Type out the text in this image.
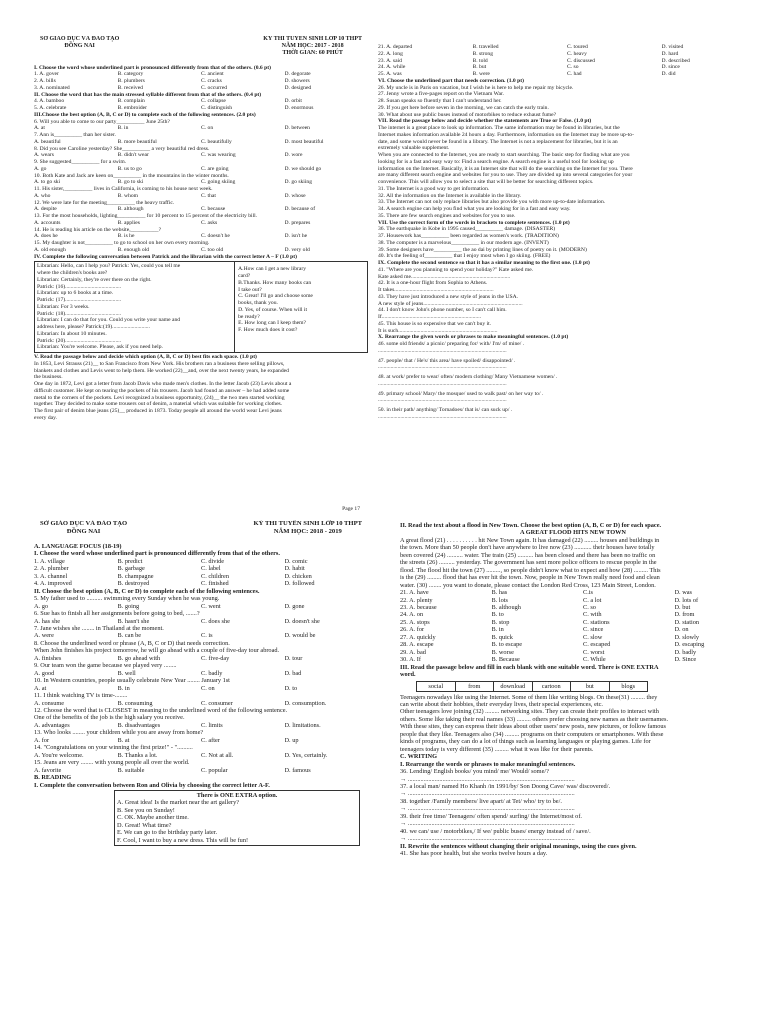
SỞ GIÁO DỤC VÀ ĐÀO TẠO
ĐỒNG NAI
KỲ THI TUYỂN SINH LỚP 10 THPT
NĂM HỌC: 2017 - 2018
THỜI GIAN: 60 PHÚT
I. Choose the word whose underlined part is pronounced differently from that of the others. (0.6 pt)
1. A. gover	B. category	C. ancient	D. degorate
2. A. bills	B. plumbers	C. cracks	D. showers
3. A. nominated	B. received	C. occurred	D. designed
II. Choose the word that has the main stressed syllable different from that of the others. (0.4 pt)
4. A. bamboo	B. complain	C. collapse	D. orbit
5. A. celebrate	B. embroider	C. distinguish	D. enormous
III.Choose the best option (A, B, C or D) to complete each of the following sentences. (2.0 pts)
6. Will you able to come to our party__________ June 25th?
A. at	B. in	C. on	D. between
7. Ann is__________ than her sister.
A. beautiful	B. more beautiful	C. beautifully	D. most beautiful
8. Did you see Caroline yesterday? She__________ a very beautiful red dress.
A. wears	B. didn't wear	C. was wearing	D. wore
9. She suggested__________ for a swim.
A. go	B. us to go	C. are going	D. we should go
10. Both Kate and Jack are keen on__________ in the mountains in the winter months.
A. to go ski	B. go to ski	C. going skiing	D. go skiing
11. His sister,__________ lives in California, is coming to his house next week.
A. who	B. whom	C. that	D. whose
12. We were late for the meeting__________ the heavy traffic.
A. despite	B. although	C. because	D. because of
13. For the most households, lighting__________ for 10 percent to 15 percent of the electricity bill.
A. accounts	B. applies	C. asks	D. prepares
14. He is reading his article on the website,__________?
A. does he	B. is he	C. doesn't he	D. isn't he
15. My daughter is not__________ to go to school on her own every morning.
A. old enough	B. enough old	C. too old	D. very old
IV. Complete the following conversation between Patrick and the librarian with the correct letter A – F (1.0 pt)
Librarian: Hello, can I help you? Patrick: Yes, could you tell me
where the children's books are?
Librarian: Certainly, they're over there on the right.
Patrick: (16)........................................
Librarian: up to 6 books at a time.
Patrick: (17)........................................
Librarian: For 3 weeks.
Patrick: (18)........................................
Librarian: I can do that for you. Could you write your name and
address here, please? Patrick:(19)...........................
Librarian: In about 10 minutes.
Patrick: (20)........................................
Librarian: You're welcome. Please, ask if you need help.
A.How can I get a new library
card?
B.Thanks. How many books can
I take out?
C. Great! I'll go and choose some
books, thank you.
D. Yes, of course. When will it
be ready?
E. How long can I keep them?
F. How much does it cost?
V. Read the passage below and decide which option (A, B, C or D) best fits each space. (1.0 pt)
In 1853, Levi Strauss (21)__ to San Francisco from New York. His brothers ran a business there selling pillows,
blankets and clothes and Levis went to help them. He worked (22)__and, over the next twenty years, he expanded
the business.
One day in 1872, Levi got a letter from Jacob Davis who made men's clothes. In the letter Jacob (23) Levis about a
difficult customer. He kept on tearing the pockets of his trousers. Jacob had found an answer – he had added some
metal to the corners of the pockets. Levi recognized a business opportunity, (24)__ the two men started working
together. They decided to make some trousers out of denim, a material which was suitable for working clothes.
The first pair of denim blue jeans (25)__ produced in 1873. Today people all around the world wear Levi jeans
every day.
Page 17
21. A. departed	B. travelled	C. toured	D. visited
22. A. long	B. strong	C. heavy	D. hard
23. A. said	B. told	C. discussed	D. described
24. A. while	B. but	C. so	D. since
25. A. was	B. were	C. had	D. did
VI. Choose the underlined part that needs correction. (1.0 pt)
26. My uncle is in Paris on vacation, but I wish he is here to help me repair my bicycle.
27. Jenny wrote a five-pages report on the Vietnam War.
28. Susan speaks so fluently that I can't understand her.
29. If you get here before seven in the morning, we can catch the early train.
30. What about use public buses instead of motorbikes to reduce exhaust fume?
VII. Read the passage below and decide whether the statements are True or False. (1.0 pt)
The internet is a great place to look up information. The same information may be found in libraries, but the
Internet makes information available 24 hours a day. Furthermore, information on the Internet may be more up-to-
date, and some would never be found in a library. The Internet is not a replacement for libraries, but it is an
extremely valuable supplement.
When you are connected to the Internet, you are ready to start searching. The basic step for finding what are you
looking for is a fast and easy way to: Find a search engine. A search engine is a useful tool for looking up
information on the Internet. Basically, it is an Internet site that will do the searching on the Internet for you. There
are many different search engine and websites for you to use. They are divided up into several categories for your
convenience. This will allow you to select a site that will be better for searching different topics.
31. The Internet is a good way to get information.
32. All the information on the Internet is available in the library.
33. The Internet can not only replace libraries but also provide you with more up-to-date information.
34. A search engine can help you find what you are looking for in a fast and easy way.
35. There are few search engines and websites for you to use.
VII. Use the correct form of the words in brackets to complete sentences. (1.0 pt)
36. The earthquake in Kobe in 1995 caused__________ damage. (DISASTER)
37. Housework has__________ been regarded as women's work. (TRADITION)
38. The computer is a marvelous__________ in our modern age. (INVENT)
39. Some designers have__________ the ao dai by printing lines of poetry on it. (MODERN)
40. It's the feeling of__________ that I enjoy most when I go skiing. (FREE)
IX. Complete the second sentence so that it has a similar meaning to the first one. (1.0 pt)
41. "Where are you planning to spend your holiday?" Kate asked me.
Kate asked me.......................................................................
42. It is a one-hour flight from Sophia to Athens.
It takes.......................................................................
43. They have just introduced a new style of jeans in the USA.
A new style of jeans.......................................................................
44. I don't know John's phone number, so I can't call him.
If.......................................................................
45. This house is so expensive that we can't buy it.
It is such.......................................................................
X. Rearrange the given words or phrases to make meaningful sentences. (1.0 pt)
46. some old friends/ a picnic/ preparing for/ with/ I'm/ of mine/ .
............................................................................................
47. people/ that / He's/ this area/ have spoiled/ disappointed/ .
............................................................................................
48. at work/ prefer to wear/ often/ modern clothing/ Many Vietnamese women/ .
............................................................................................
49. primary school/ Mary/ the mosque/ used to walk past/ on her way to/ .
............................................................................................
50. in their path/ anything/ Tornadoes/ that is/ can suck up/ .
............................................................................................
SỞ GIÁO DỤC VÀ ĐÀO TẠO
ĐỒNG NAI
KỲ THI TUYỂN SINH LỚP 10 THPT
NĂM HỌC: 2018 - 2019
A. LANGUAGE FOCUS (18-19)
I. Choose the word whose underlined part is pronounced differently from that of the others.
1. A. village	B. predict	C. divide	D. comic
2. A. plumber	B. garbage	C. label	D. habit
3. A. channel	B. champagne	C. children	D. chicken
4. A. improved	B. destroyed	C. finished	D. followed
II. Choose the best option (A, B, C or D) to complete each of the following sentences.
5. My father used to .......... swimming every Sunday when he was young.
A. go	B. going	C. went	D. gone
6. Sue has to finish all her assignments before going to bed, .......?
A. has she	B. hasn't she	C. does she	D. doesn't she
7. Jane wishes she ........ in Thailand at the moment.
A. were	B. can be	C. is	D. would be
8. Choose the underlined word or phrase (A, B, C or D) that needs correction.
When John finishes his project tomorrow, he will go ahead with a couple of five-day tour abroad.
A. finishes	B. go ahead with	C. five-day	D. tour
9. Our team won the game because we played very ........
A. good	B. well	C. badly	D. bad
10. In Western countries, people usually celebrate New Year ........ January 1st
A. at	B. in	C. on	D. to
11. I think watching TV is time-........
A. consume	B. consuming	C. consumer	D. consumption.
12. Choose the word that is CLOSEST in meaning to the underlined word of the following sentence.
One of the benefits of the job is the high salary you receive.
A. advantages	B. disadvantages	C. limits	D. limitations.
13. Who looks ........ your children while you are away from home?
A. for	B. at	C. after	D. up
14. "Congratulations on your winning the first prize!" - "..........
A. You're welcome.	B. Thanks a lot.	C. Not at all.	D. Yes, certainly.
15. Jeans are very ........ with young people all over the world.
A. favorite	B. suitable	C. popular	D. famous
B. READING
I. Complete the conversation between Ron and Olivia by choosing the correct letter A-F.
There is ONE EXTRA option.
A. Great idea! Is the market near the art gallery?
B. See you on Sunday!
C. OK. Maybe another time.
D. Great! What time?
E. We can go to the birthday party later.
F. Cool, I want to buy a new dress. This will be fun!
II. Read the text about a flood in New Town. Choose the best option (A, B, C or D) for each space.
A GREAT FLOOD HITS NEW TOWN
A great flood (21) . . . . . . . . . . hit New Town again. It has damaged (22) ......... houses and buildings in
the town. More than 50 people don't have anywhere to live now (23) ........... their houses have totally
been covered (24) .......... water. The train (25) .......... has been closed and there has been no traffic on
the streets (26) .......... yesterday. The government has sent more police officers to rescue people in the
flood. The flood hit the town (27) ........., so people didn't know what to expect and how (28) ......... This
is the (29) ......... flood that has ever hit the town. Now, people in New Town really need food and clean
water. (30) ........ you want to donate, please contact the London Red Cross, 123 Main Street, London.
21. A. have	B. has	C.is	D. was
22. A. plenty	B. lots	C. a lot	D. lots of
23. A. because	B. although	C. so	D. but
24. A. on	B. to	C. with	D. from
25. A. stops	B. stop	C. stations	D. station
26. A. for	B. in	C. since	D. on
27. A. quickly	B. quick	C. slow	D. slowly
28. A. escape	B. to escape	C. escaped	D. escaping
29. A. bad	B. worse	C. worst	D. badly
30. A. If	B. Because	C. While	D. Since
III. Read the passage below and fill in each blank with one suitable word. There is ONE EXTRA
word.
social	from	download	cartoon	but	blogs
Teenagers nowadays like using the Internet. Some of them like writing blogs. On these(31) ......... they
can write about their hobbies, their everyday lives, their special experiences, etc.
Other teenagers love joining (32) ......... networking sites. They can create their profiles to interact with
others. Some like taking their real names (33) ......... others prefer choosing new names as their usernames.
With these sites, they can express their ideas about other users' new posts, new pictures, or follow famous
people that they like. Teenagers also (34) ......... programs on their computers or smartphones. With these
kinds of programs, they can do a lot of things such as learning languages or playing games. Life for
teenagers today is very different (35) ......... what it was like for their parents.
C. WRITING
I. Rearrange the words or phrases to make meaningful sentences.
36. Lending/ English books/ you mind/ me/ Would/ some/?
→ ..........................................................................................................
37. a local man/ named Ho Khanh /in 1991/by/ Son Doong Cave/ was/ discovered/.
→ ..........................................................................................................
38. together /Family members/ live apart/ at Tet/ who/ try to be/.
→ ..........................................................................................................
39. their free time/ Teenagers/ often spend/ surfing/ the Internet/most of.
→ ..........................................................................................................
40. we can/ use / motorbikes,/ If we/ public buses/ energy instead of / save/.
→ ..........................................................................................................
II. Rewrite the sentences without changing their original meanings, using the cues given.
41. She has poor health, but she works twelve hours a day.
